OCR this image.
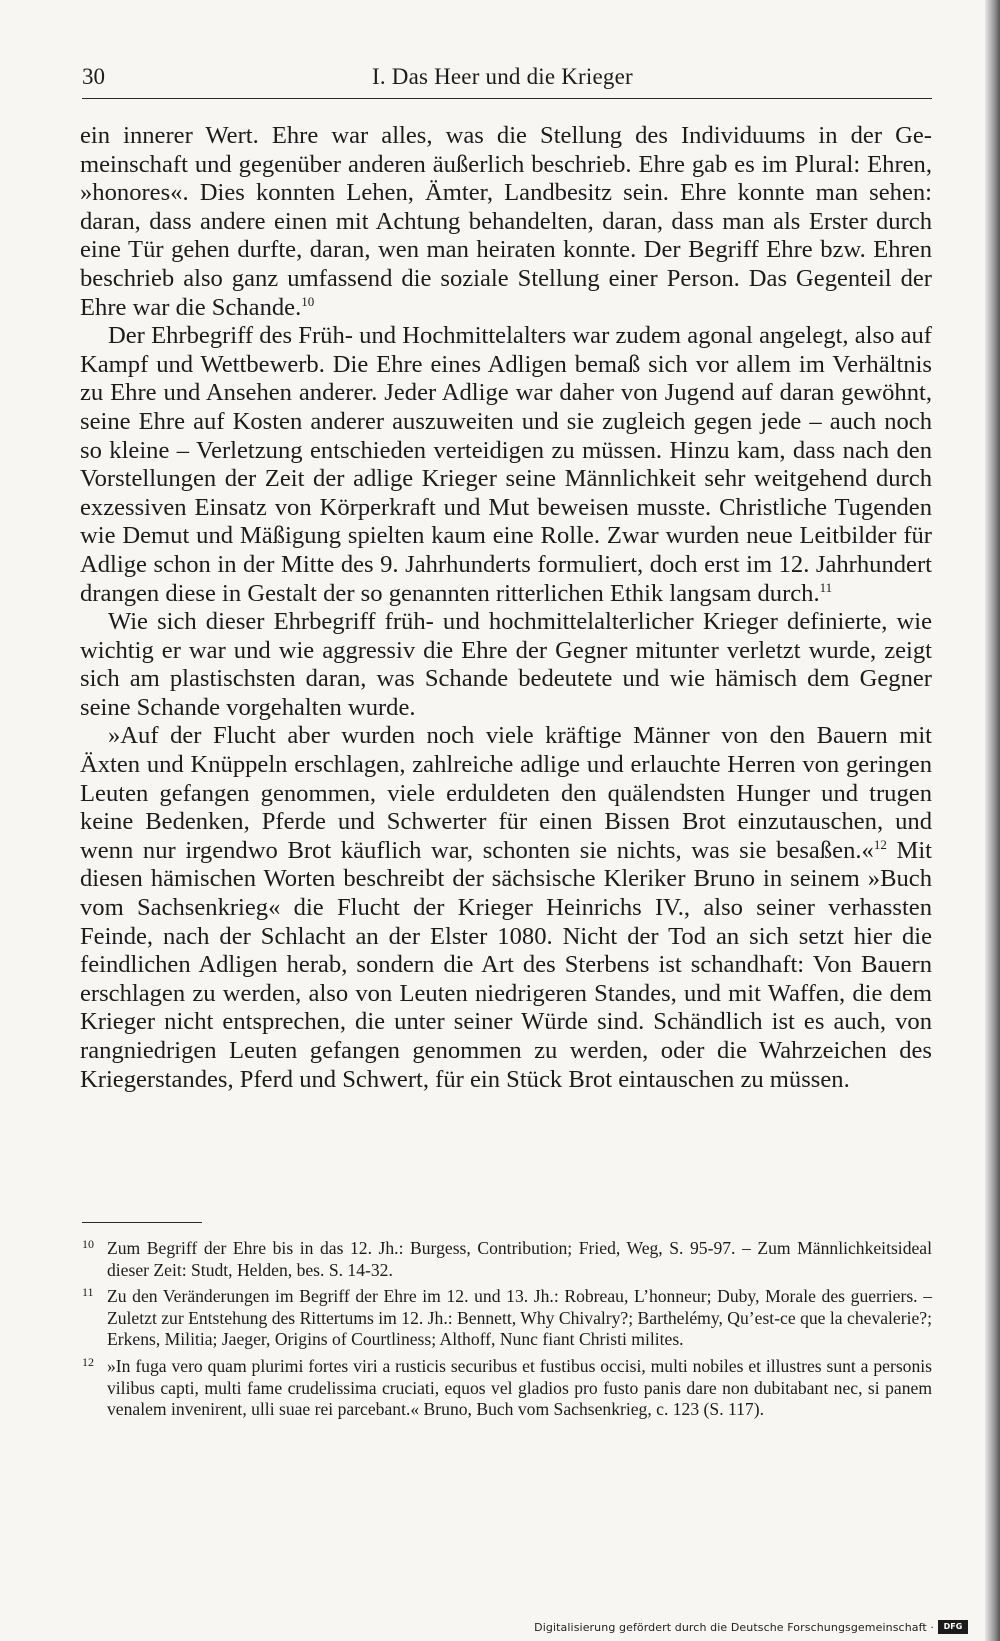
30	I. Das Heer und die Krieger

ein innerer Wert. Ehre war alles, was die Stellung des Individuums in der Gemeinschaft und gegenüber anderen äußerlich beschrieb. Ehre gab es im Plural: Ehren, »honores«. Dies konnten Lehen, Ämter, Landbesitz sein. Ehre konnte man sehen: daran, dass andere einen mit Achtung behandelten, daran, dass man als Erster durch eine Tür gehen durfte, daran, wen man heiraten konnte. Der Begriff Ehre bzw. Ehren beschrieb also ganz umfassend die soziale Stellung einer Person. Das Gegenteil der Ehre war die Schande.$^{10}$

Der Ehrbegriff des Früh- und Hochmittelalters war zudem agonal angelegt, also auf Kampf und Wettbewerb. Die Ehre eines Adligen bemaß sich vor allem im Verhältnis zu Ehre und Ansehen anderer. Jeder Adlige war daher von Jugend auf daran gewöhnt, seine Ehre auf Kosten anderer auszuweiten und sie zugleich gegen jede – auch noch so kleine – Verletzung entschieden verteidigen zu müssen. Hinzu kam, dass nach den Vorstellungen der Zeit der adlige Krieger seine Männlichkeit sehr weitgehend durch exzessiven Einsatz von Körperkraft und Mut beweisen musste. Christliche Tugenden wie Demut und Mäßigung spielten kaum eine Rolle. Zwar wurden neue Leitbilder für Adlige schon in der Mitte des 9. Jahrhunderts formuliert, doch erst im 12. Jahrhundert drangen diese in Gestalt der so genannten ritterlichen Ethik langsam durch.$^{11}$

Wie sich dieser Ehrbegriff früh- und hochmittelalterlicher Krieger definierte, wie wichtig er war und wie aggressiv die Ehre der Gegner mitunter verletzt wurde, zeigt sich am plastischsten daran, was Schande bedeutete und wie hämisch dem Gegner seine Schande vorgehalten wurde.

»Auf der Flucht aber wurden noch viele kräftige Männer von den Bauern mit Äxten und Knüppeln erschlagen, zahlreiche adlige und erlauchte Herren von geringen Leuten gefangen genommen, viele erduldeten den quälendsten Hunger und trugen keine Bedenken, Pferde und Schwerter für einen Bissen Brot einzutauschen, und wenn nur irgendwo Brot käuflich war, schonten sie nichts, was sie besaßen.«$^{12}$ Mit diesen hämischen Worten beschreibt der sächsische Kleriker Bruno in seinem »Buch vom Sachsenkrieg« die Flucht der Krieger Heinrichs IV., also seiner verhassten Feinde, nach der Schlacht an der Elster 1080. Nicht der Tod an sich setzt hier die feindlichen Adligen herab, sondern die Art des Sterbens ist schandhaft: Von Bauern erschlagen zu werden, also von Leuten niedrigeren Standes, und mit Waffen, die dem Krieger nicht entsprechen, die unter seiner Würde sind. Schändlich ist es auch, von rangniedrigen Leuten gefangen genommen zu werden, oder die Wahrzeichen des Kriegerstandes, Pferd und Schwert, für ein Stück Brot eintauschen zu müssen.

10 Zum Begriff der Ehre bis in das 12. Jh.: Burgess, Contribution; Fried, Weg, S. 95-97. – Zum Männlichkeitsideal dieser Zeit: Studt, Helden, bes. S. 14-32.
11 Zu den Veränderungen im Begriff der Ehre im 12. und 13. Jh.: Robreau, L’honneur; Duby, Morale des guerriers. – Zuletzt zur Entstehung des Rittertums im 12. Jh.: Bennett, Why Chivalry?; Barthelémy, Qu’est-ce que la chevalerie?; Erkens, Militia; Jaeger, Origins of Courtliness; Althoff, Nunc fiant Christi milites.
12 »In fuga vero quam plurimi fortes viri a rusticis securibus et fustibus occisi, multi nobiles et illustres sunt a personis vilibus capti, multi fame crudelissima cruciati, equos vel gladios pro fusto panis dare non dubitabant nec, si panem venalem invenirent, ulli suae rei parcebant.« Bruno, Buch vom Sachsenkrieg, c. 123 (S. 117).
Digitalisierung gefördert durch die Deutsche Forschungsgemeinschaft ·	DFG
